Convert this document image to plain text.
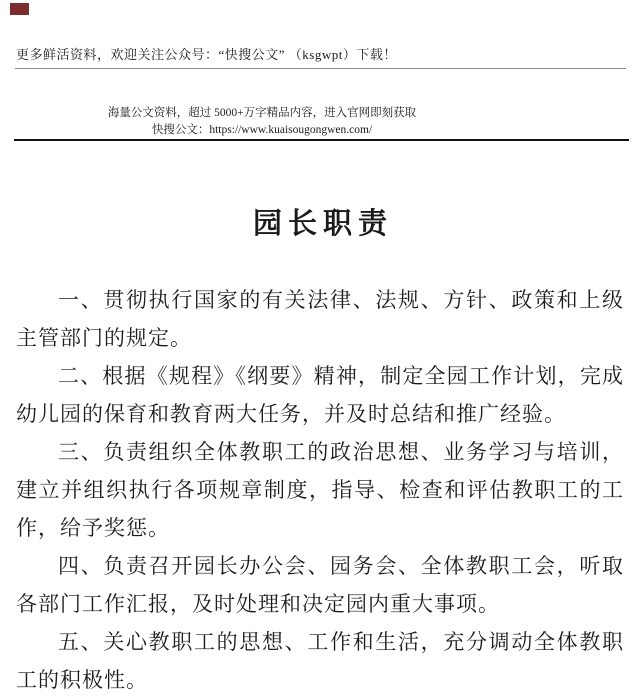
更多鲜活资料，欢迎关注公众号：“快搜公文” （ksgwpt）下载！
海量公文资料，超过 5000+万字精品内容，进入官网即刻获取
快搜公文：https://www.kuaisougongwen.com/
园长职责

一、贯彻执行国家的有关法律、法规、方针、政策和上级主管部门的规定。

二、根据《规程》《纲要》精神，制定全园工作计划，完成幼儿园的保育和教育两大任务，并及时总结和推广经验。

三、负责组织全体教职工的政治思想、业务学习与培训，建立并组织执行各项规章制度，指导、检查和评估教职工的工作，给予奖惩。

四、负责召开园长办公会、园务会、全体教职工会，听取各部门工作汇报，及时处理和决定园内重大事项。

五、关心教职工的思想、工作和生活，充分调动全体教职工的积极性。
